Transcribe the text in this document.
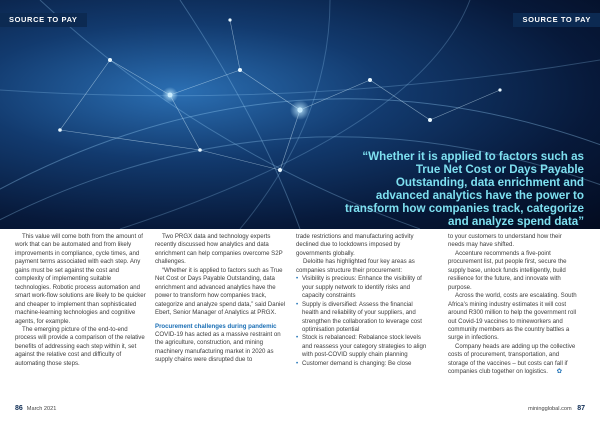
SOURCE TO PAY	SOURCE TO PAY
“Whether it is applied to factors such as True Net Cost or Days Payable Outstanding, data enrichment and advanced analytics have the power to transform how companies track, categorize and analyze spend data”

This value will come both from the amount of work that can be automated and from likely improvements in compliance, cycle times, and payment terms associated with each step. Any gains must be set against the cost and complexity of implementing suitable technologies. Robotic process automation and smart work-flow solutions are likely to be quicker and cheaper to implement than sophisticated machine-learning technologies and cognitive agents, for example.

The emerging picture of the end-to-end process will provide a comparison of the relative benefits of addressing each step within it, set against the relative cost and difficulty of automating those steps.

Two PRGX data and technology experts recently discussed how analytics and data enrichment can help companies overcome S2P challenges.

“Whether it is applied to factors such as True Net Cost or Days Payable Outstanding, data enrichment and advanced analytics have the power to transform how companies track, categorize and analyze spend data,” said Daniel Ebert, Senior Manager of Analytics at PRGX.

Procurement challenges during pandemic

COVID-19 has acted as a massive restraint on the agriculture, construction, and mining machinery manufacturing market in 2020 as supply chains were disrupted due to

trade restrictions and manufacturing activity declined due to lockdowns imposed by governments globally.

Deloitte has highlighted four key areas as companies structure their procurement:

• Visibility is precious: Enhance the visibility of your supply network to identify risks and capacity constraints
• Supply is diversified: Assess the financial health and reliability of your suppliers, and strengthen the collaboration to leverage cost optimisation potential
• Stock is rebalanced: Rebalance stock levels and reassess your category strategies to align with post-COVID supply chain planning
• Customer demand is changing: Be close

to your customers to understand how their needs may have shifted.

Accenture recommends a five-point procurement list, put people first, secure the supply base, unlock funds intelligently, build resilience for the future, and innovate with purpose.

Across the world, costs are escalating. South Africa’s mining industry estimates it will cost around R300 million to help the government roll out Covid-19 vaccines to mineworkers and community members as the country battles a surge in infections.

Company heads are adding up the collective costs of procurement, transportation, and storage of the vaccines – but costs can fall if companies club together on logistics. ✿

86 March 2021	miningglobal.com 87
